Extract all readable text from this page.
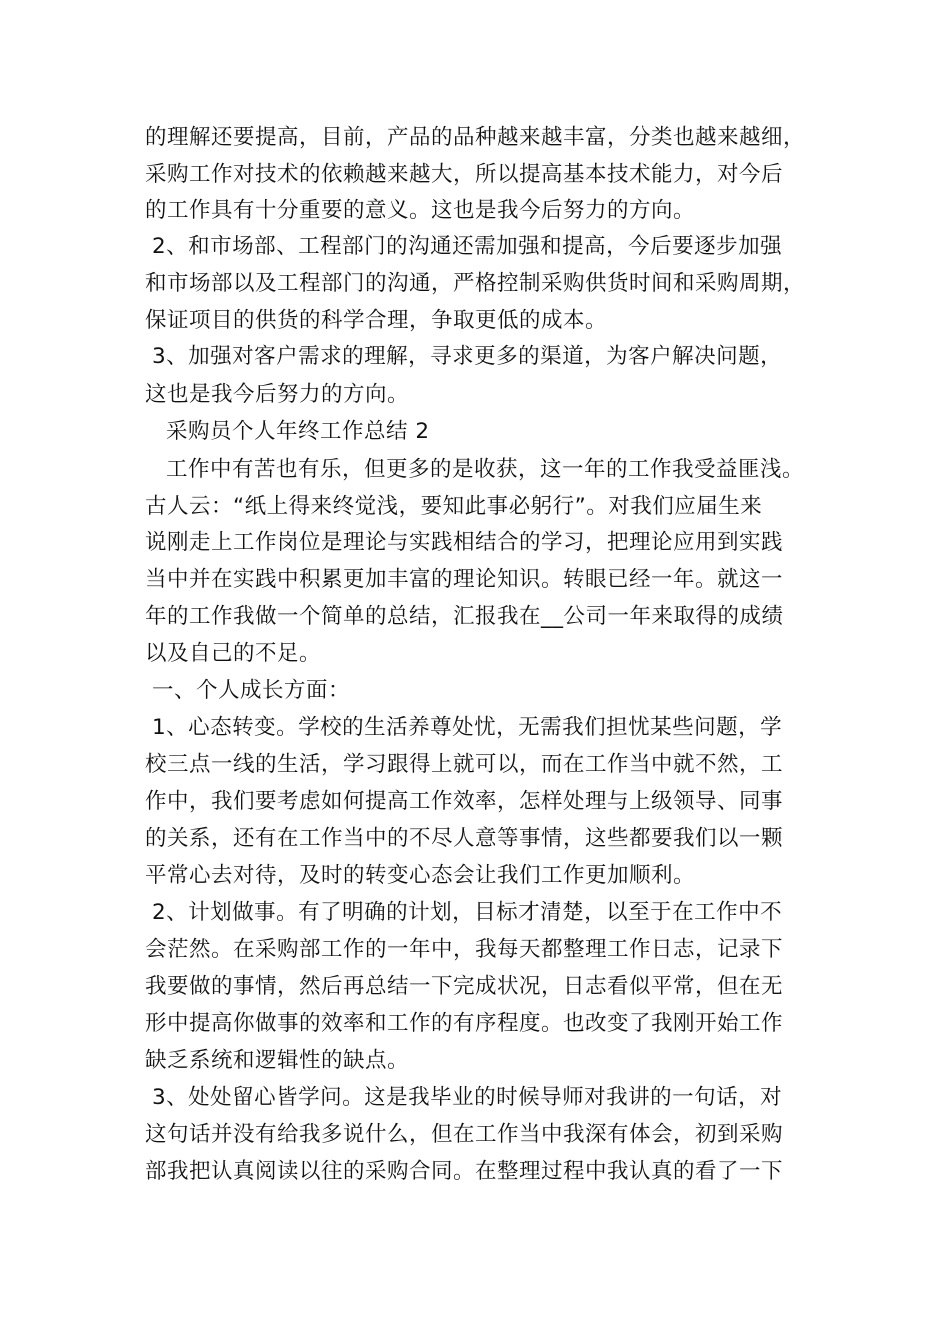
的理解还要提高，目前，产品的品种越来越丰富，分类也越来越细，
采购工作对技术的依赖越来越大，所以提高基本技术能力，对今后
的工作具有十分重要的意义。这也是我今后努力的方向。
2、和市场部、工程部门的沟通还需加强和提高，今后要逐步加强
和市场部以及工程部门的沟通，严格控制采购供货时间和采购周期，
保证项目的供货的科学合理，争取更低的成本。
3、加强对客户需求的理解，寻求更多的渠道，为客户解决问题，
这也是我今后努力的方向。
采购员个人年终工作总结 2
工作中有苦也有乐，但更多的是收获，这一年的工作我受益匪浅。
古人云：“纸上得来终觉浅，要知此事必躬行”。对我们应届生来
说刚走上工作岗位是理论与实践相结合的学习，把理论应用到实践
当中并在实践中积累更加丰富的理论知识。转眼已经一年。就这一
年的工作我做一个简单的总结，汇报我在__公司一年来取得的成绩
以及自己的不足。
一、个人成长方面：
1、心态转变。学校的生活养尊处忧，无需我们担忧某些问题，学
校三点一线的生活，学习跟得上就可以，而在工作当中就不然，工
作中，我们要考虑如何提高工作效率，怎样处理与上级领导、同事
的关系，还有在工作当中的不尽人意等事情，这些都要我们以一颗
平常心去对待，及时的转变心态会让我们工作更加顺利。
2、计划做事。有了明确的计划，目标才清楚，以至于在工作中不
会茫然。在采购部工作的一年中，我每天都整理工作日志，记录下
我要做的事情，然后再总结一下完成状况，日志看似平常，但在无
形中提高你做事的效率和工作的有序程度。也改变了我刚开始工作
缺乏系统和逻辑性的缺点。
3、处处留心皆学问。这是我毕业的时候导师对我讲的一句话，对
这句话并没有给我多说什么，但在工作当中我深有体会，初到采购
部我把认真阅读以往的采购合同。在整理过程中我认真的看了一下
